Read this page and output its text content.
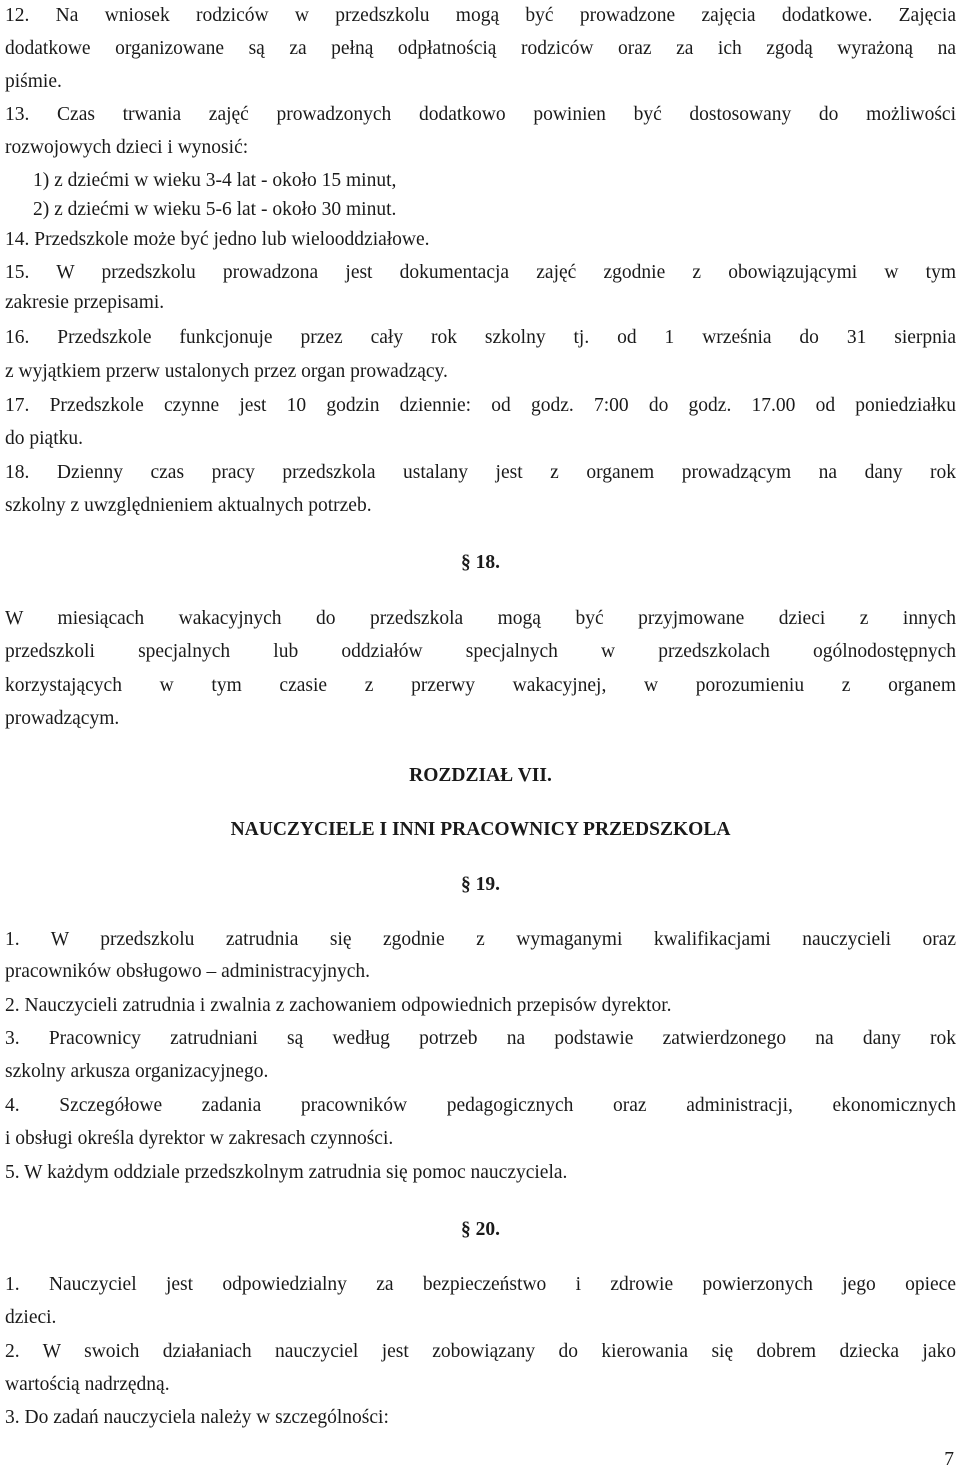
12. Na wniosek rodziców w przedszkolu mogą być prowadzone zajęcia dodatkowe. Zajęcia
dodatkowe organizowane są za pełną odpłatnością rodziców oraz za ich zgodą wyrażoną na
piśmie.
13. Czas trwania zajęć prowadzonych dodatkowo powinien być dostosowany do możliwości
rozwojowych dzieci i wynosić:
1) z dziećmi w wieku 3-4 lat - około 15 minut,
2) z dziećmi w wieku 5-6 lat - około 30 minut.
14. Przedszkole może być jedno lub wielooddziałowe.
15. W przedszkolu prowadzona jest dokumentacja zajęć zgodnie z obowiązującymi w tym
zakresie przepisami.
16. Przedszkole funkcjonuje przez cały rok szkolny tj. od 1 września do 31 sierpnia
z wyjątkiem przerw ustalonych przez organ prowadzący.
17. Przedszkole czynne jest 10 godzin dziennie: od godz. 7:00 do godz. 17.00 od poniedziałku
do piątku.
18. Dzienny czas pracy przedszkola ustalany jest z organem prowadzącym na dany rok
szkolny z uwzględnieniem aktualnych potrzeb.
§ 18.
W miesiącach wakacyjnych do przedszkola mogą być przyjmowane dzieci z innych
przedszkoli specjalnych lub oddziałów specjalnych w przedszkolach ogólnodostępnych
korzystających w tym czasie z przerwy wakacyjnej, w porozumieniu z organem
prowadzącym.
ROZDZIAŁ VII.
NAUCZYCIELE I INNI PRACOWNICY PRZEDSZKOLA
§ 19.
1. W przedszkolu zatrudnia się zgodnie z wymaganymi kwalifikacjami nauczycieli oraz
pracowników obsługowo – administracyjnych.
2. Nauczycieli zatrudnia i zwalnia z zachowaniem odpowiednich przepisów dyrektor.
3. Pracownicy zatrudniani są według potrzeb na podstawie zatwierdzonego na dany rok
szkolny arkusza organizacyjnego.
4. Szczegółowe zadania pracowników pedagogicznych oraz administracji, ekonomicznych
i obsługi określa dyrektor w zakresach czynności.
5. W każdym oddziale przedszkolnym zatrudnia się pomoc nauczyciela.
§ 20.
1. Nauczyciel jest odpowiedzialny za bezpieczeństwo i zdrowie powierzonych jego opiece
dzieci.
2. W swoich działaniach nauczyciel jest zobowiązany do kierowania się dobrem dziecka jako
wartością nadrzędną.
3. Do zadań nauczyciela należy w szczególności:
7
